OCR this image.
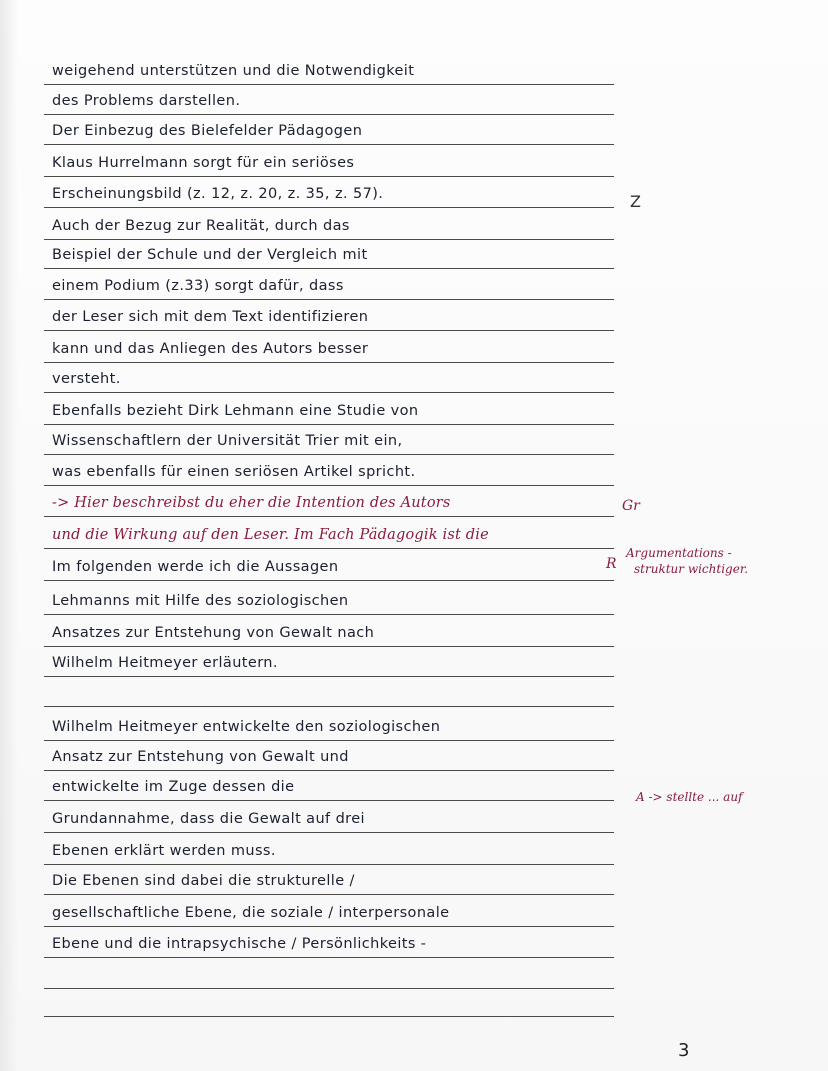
weigehend unterstützen und die Notwendigkeit
des Problems darstellen.
Der Einbezug des Bielefelder Pädagogen
Klaus Hurrelmann sorgt für ein seriöses
Erscheinungsbild (z. 12, z. 20, z. 35, z. 57).
Auch der Bezug zur Realität, durch das
Beispiel der Schule und der Vergleich mit
einem Podium (z.33) sorgt dafür, dass
der Leser sich mit dem Text identifizieren
kann und das Anliegen des Autors besser
versteht.
Ebenfalls bezieht Dirk Lehmann eine Studie von
Wissenschaftlern der Universität Trier mit ein,
was ebenfalls für einen seriösen Artikel spricht.
-> Hier beschreibst du eher die Intention des Autors
und die Wirkung auf den Leser. Im Fach Pädagogik ist die
Im folgenden werde ich die Aussagen
Lehmanns mit Hilfe des soziologischen
Ansatzes zur Entstehung von Gewalt nach
Wilhelm Heitmeyer erläutern.
Wilhelm Heitmeyer entwickelte den soziologischen
Ansatz zur Entstehung von Gewalt und
entwickelte im Zuge dessen die
Grundannahme, dass die Gewalt auf drei
Ebenen erklärt werden muss.
Die Ebenen sind dabei die strukturelle /
gesellschaftliche Ebene, die soziale / interpersonale
Ebene und die intrapsychische / Persönlichkeits -
Gr
Z
R
Argumentations -
struktur wichtiger.
A -> stellte ... auf
3
